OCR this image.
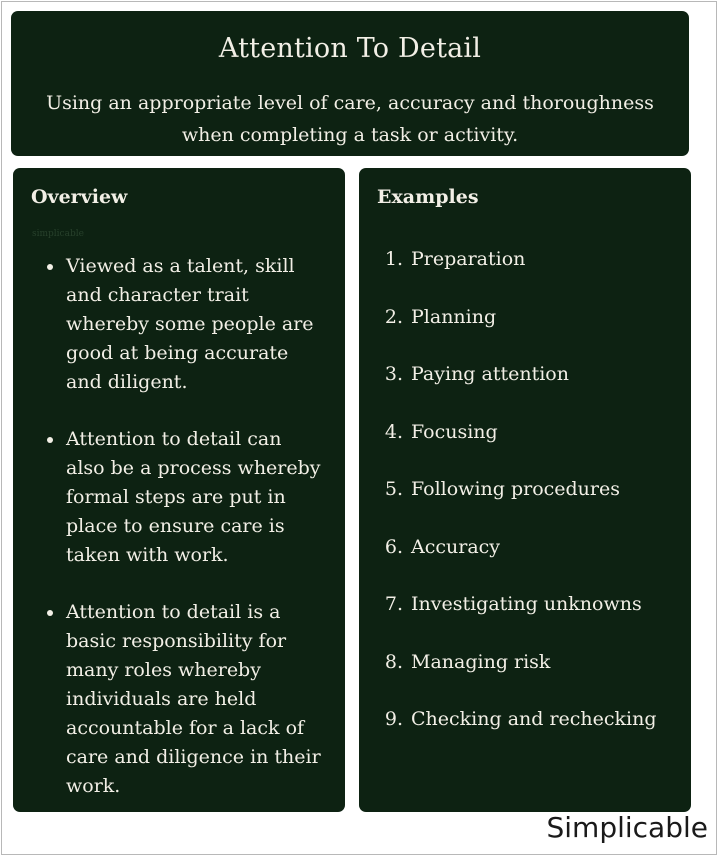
Attention To Detail
Using an appropriate level of care, accuracy and thoroughness
when completing a task or activity.
Overview
simplicable
Viewed as a talent, skill
and character trait
whereby some people are
good at being accurate
and diligent.
Attention to detail can
also be a process whereby
formal steps are put in
place to ensure care is
taken with work.
Attention to detail is a
basic responsibility for
many roles whereby
individuals are held
accountable for a lack of
care and diligence in their
work.
Examples
1. Preparation
2. Planning
3. Paying attention
4. Focusing
5. Following procedures
6. Accuracy
7. Investigating unknowns
8. Managing risk
9. Checking and rechecking
Simplicable
